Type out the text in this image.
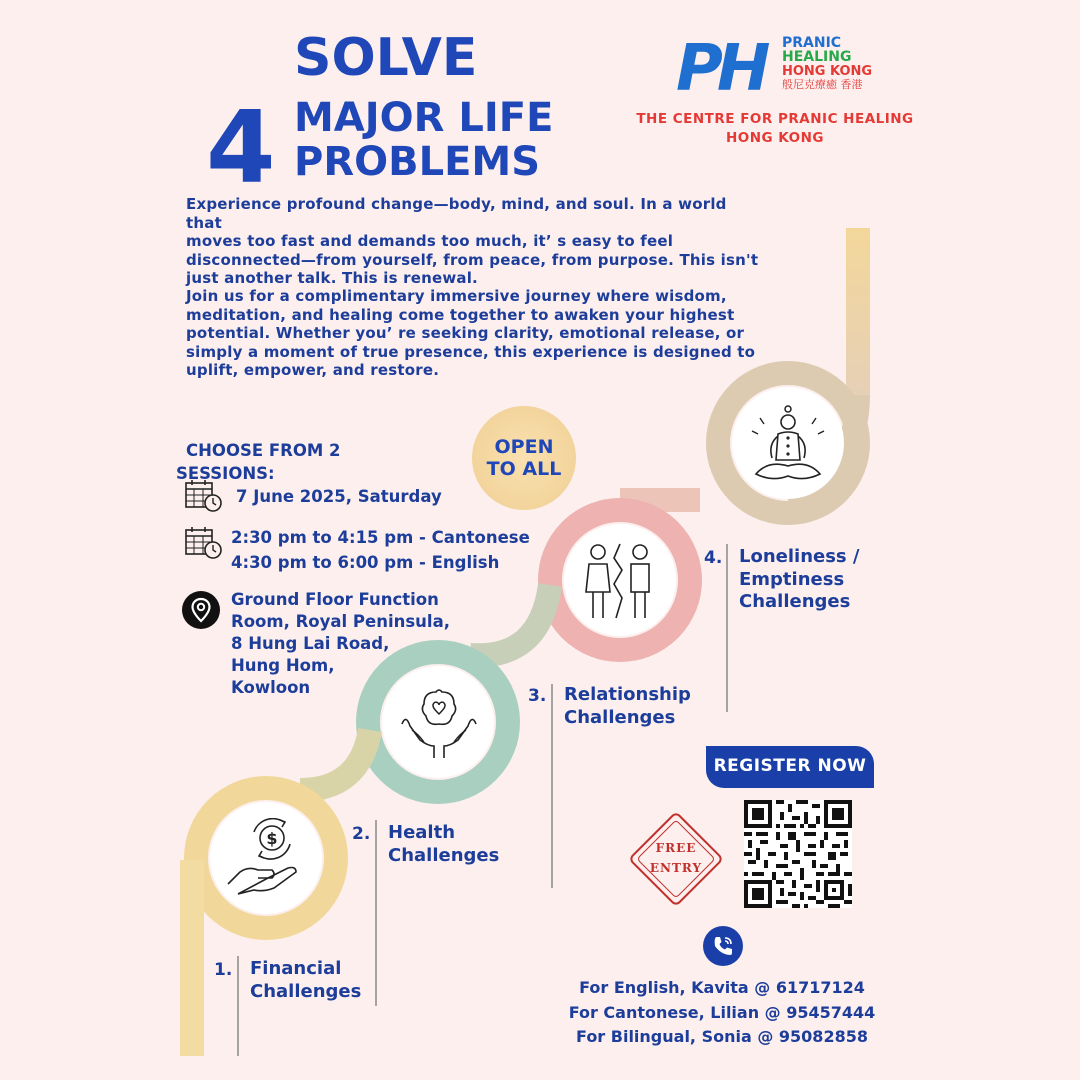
SOLVE
4 MAJOR LIFE
PROBLEMS
PH PRANIC
HEALING
HONG KONG
般尼克療癒 香港
THE CENTRE FOR PRANIC HEALING
HONG KONG
Experience profound change—body, mind, and soul. In a world that
moves too fast and demands too much, it’ s easy to feel
disconnected—from yourself, from peace, from purpose. This isn't
just another talk. This is renewal.
Join us for a complimentary immersive journey where wisdom,
meditation, and healing come together to awaken your highest
potential. Whether you’ re seeking clarity, emotional release, or
simply a moment of true presence, this experience is designed to
uplift, empower, and restore.
OPEN
TO ALL
CHOOSE FROM 2
SESSIONS:
7 June 2025, Saturday
2:30 pm to 4:15 pm - Cantonese
4:30 pm to 6:00 pm - English
Ground Floor Function
Room, Royal Peninsula,
8 Hung Lai Road,
Hung Hom,
Kowloon
$
4. Loneliness /
Emptiness
Challenges
3. Relationship
Challenges
2. Health
Challenges
1. Financial
Challenges
REGISTER NOW
FREE
ENTRY
For English, Kavita @ 61717124
For Cantonese, Lilian @ 95457444
For Bilingual, Sonia @ 95082858
